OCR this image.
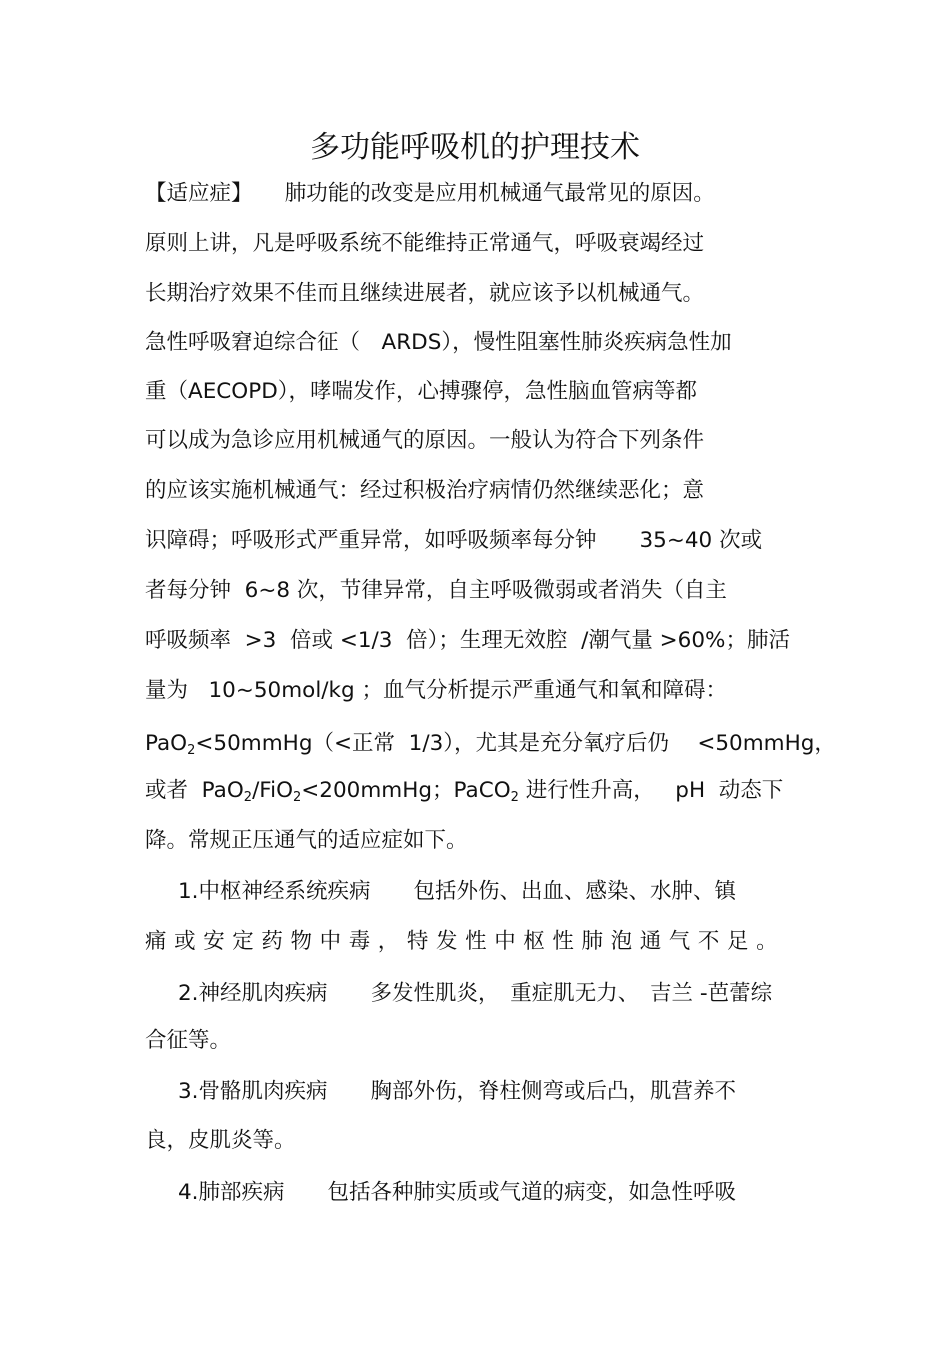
多功能呼吸机的护理技术
【适应症】　　肺功能的改变是应用机械通气最常见的原因。
原则上讲，凡是呼吸系统不能维持正常通气，呼吸衰竭经过
长期治疗效果不佳而且继续进展者，就应该予以机械通气。
急性呼吸窘迫综合征（　ARDS），慢性阻塞性肺炎疾病急性加
重（AECOPD），哮喘发作，心搏骤停，急性脑血管病等都
可以成为急诊应用机械通气的原因。一般认为符合下列条件
的应该实施机械通气：经过积极治疗病情仍然继续恶化；意
识障碍；呼吸形式严重异常，如呼吸频率每分钟　　35~40 次或
者每分钟  6~8 次，节律异常，自主呼吸微弱或者消失（自主
呼吸频率  >3  倍或 <1/3  倍）；生理无效腔  /潮气量 >60%；肺活
量为   10~50mol/kg ；血气分析提示严重通气和氧和障碍：
PaO$_2$<50mmHg（<正常  1/3），尤其是充分氧疗后仍　 <50mmHg，
或者  PaO$_2$/FiO$_2$<200mmHg；PaCO$_2$ 进行性升高，   pH  动态下
降。常规正压通气的适应症如下。
1.中枢神经系统疾病　　包括外伤、出血、感染、水肿、镇
痛或安定药物中毒，特发性中枢性肺泡通气不足。
2.神经肌肉疾病　　多发性肌炎，　重症肌无力、　吉兰 -芭蕾综
合征等。
3.骨骼肌肉疾病　　胸部外伤，脊柱侧弯或后凸，肌营养不
良，皮肌炎等。
4.肺部疾病　　包括各种肺实质或气道的病变，如急性呼吸
